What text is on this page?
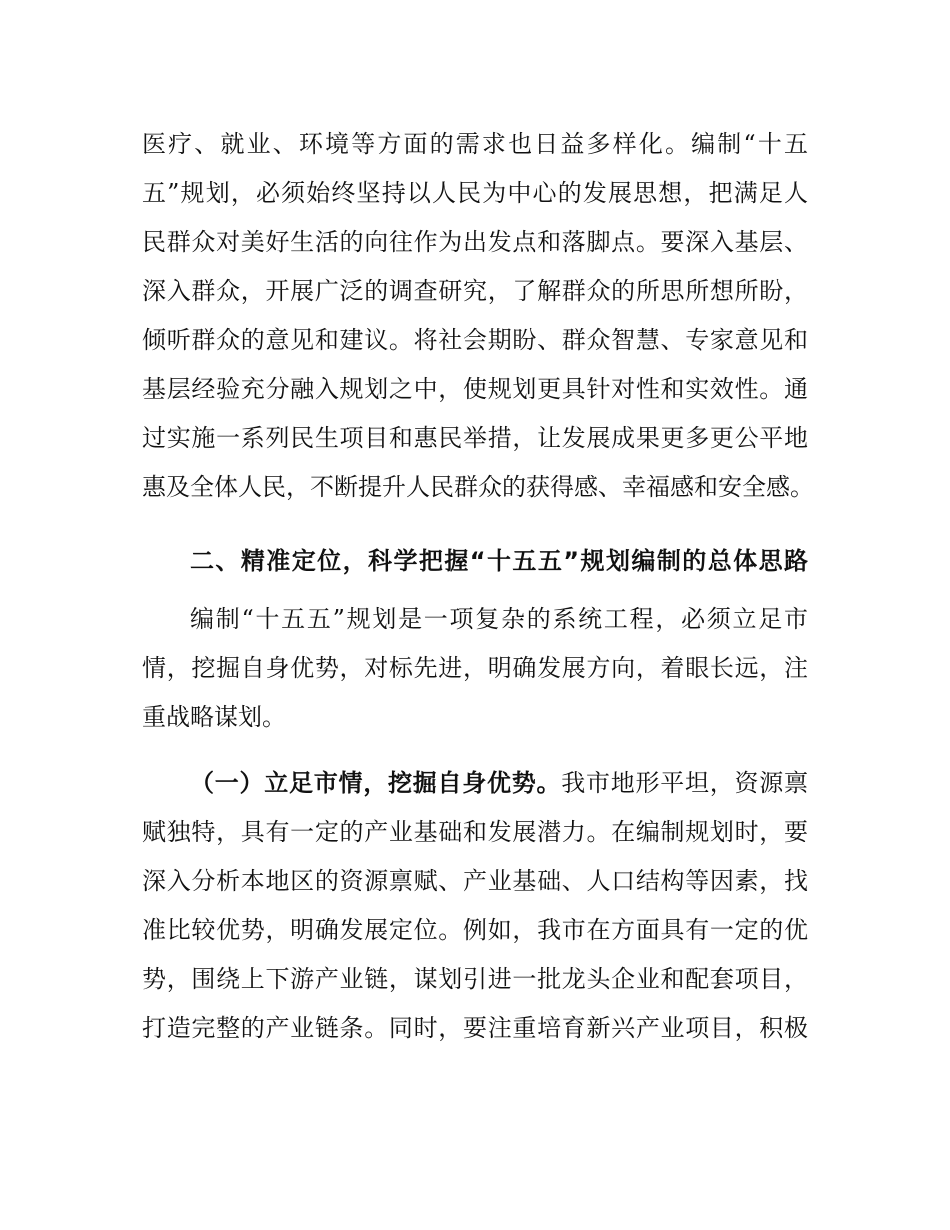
医疗、就业、环境等方面的需求也日益多样化。编制“十五
五”规划，必须始终坚持以人民为中心的发展思想，把满足人
民群众对美好生活的向往作为出发点和落脚点。要深入基层、
深入群众，开展广泛的调查研究，了解群众的所思所想所盼，
倾听群众的意见和建议。将社会期盼、群众智慧、专家意见和
基层经验充分融入规划之中，使规划更具针对性和实效性。通
过实施一系列民生项目和惠民举措，让发展成果更多更公平地
惠及全体人民，不断提升人民群众的获得感、幸福感和安全感。
二、精准定位，科学把握“十五五”规划编制的总体思路
编制“十五五”规划是一项复杂的系统工程，必须立足市
情，挖掘自身优势，对标先进，明确发展方向，着眼长远，注
重战略谋划。
（一）立足市情，挖掘自身优势。我市地形平坦，资源禀
赋独特，具有一定的产业基础和发展潜力。在编制规划时，要
深入分析本地区的资源禀赋、产业基础、人口结构等因素，找
准比较优势，明确发展定位。例如，我市在方面具有一定的优
势，围绕上下游产业链，谋划引进一批龙头企业和配套项目，
打造完整的产业链条。同时，要注重培育新兴产业项目，积极
